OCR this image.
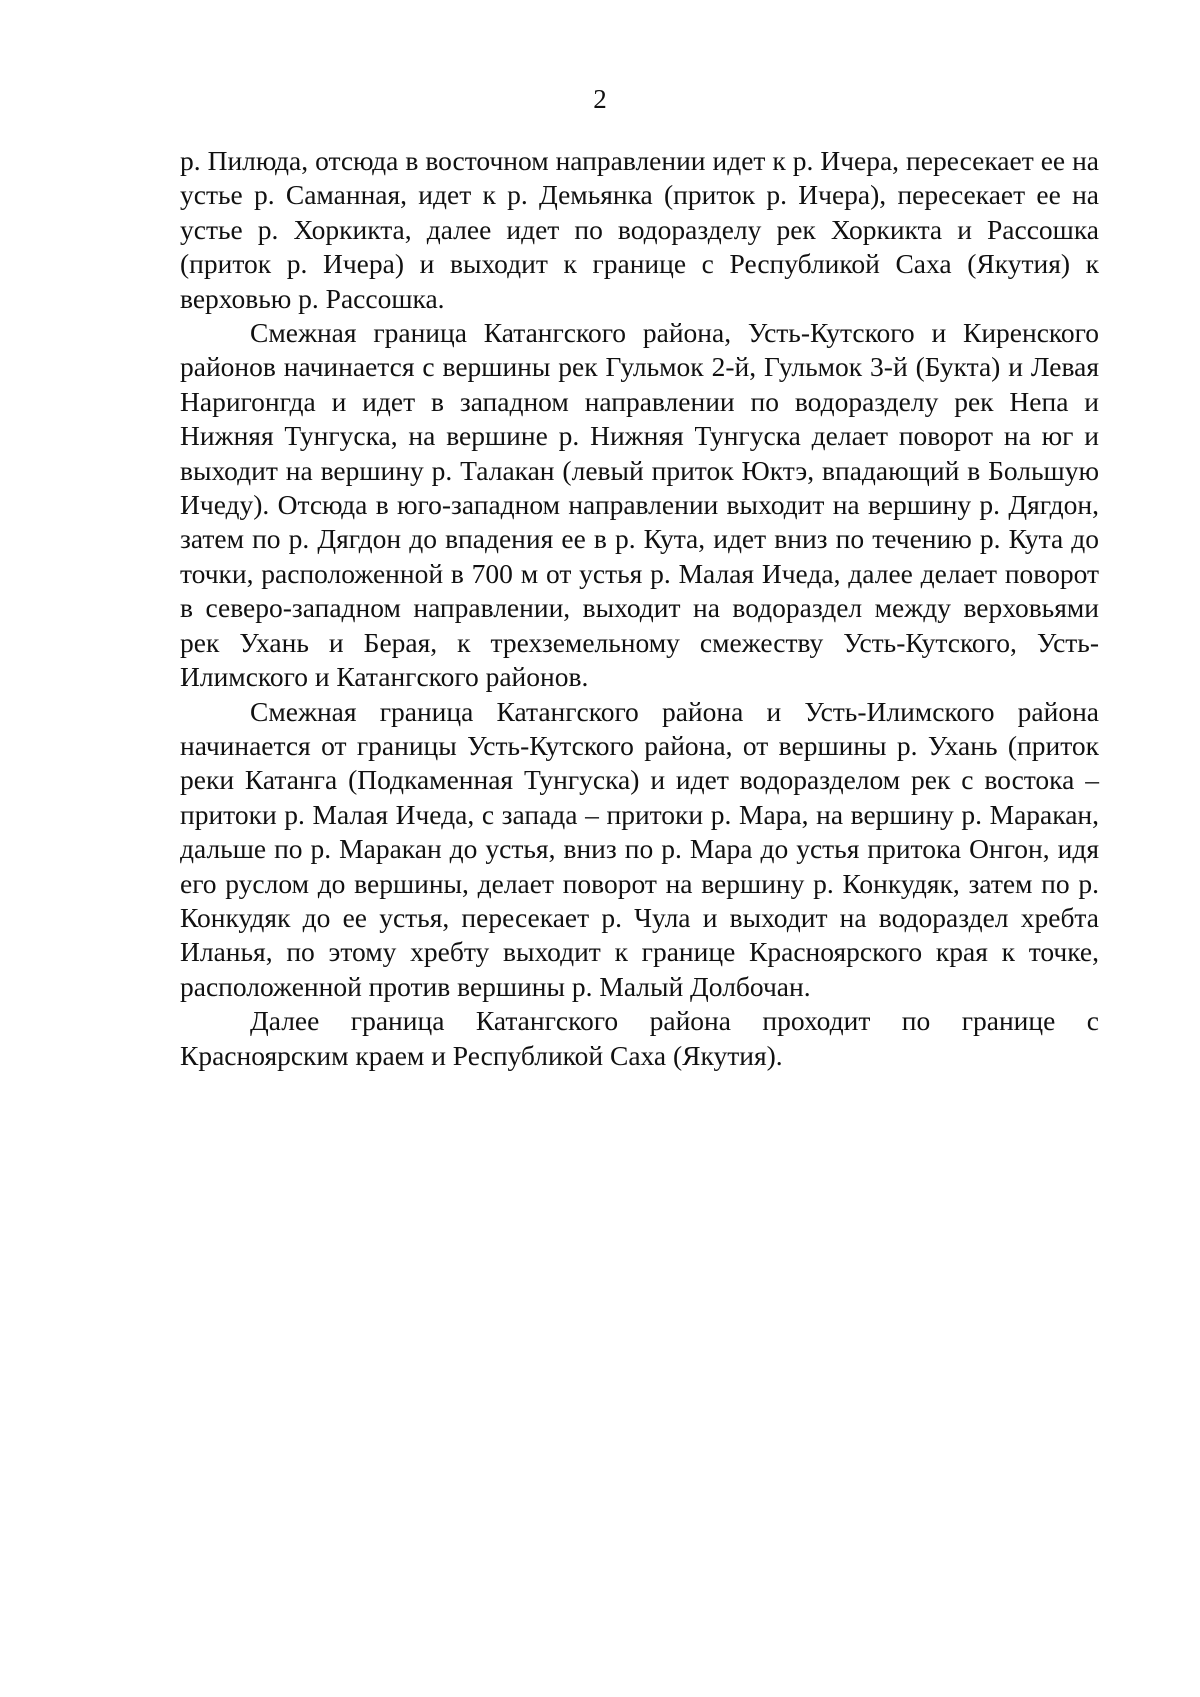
2

р. Пилюда, отсюда в восточном направлении идет к р. Ичера, пересекает ее на устье р. Саманная, идет к р. Демьянка (приток р. Ичера), пересекает ее на устье р. Хоркикта, далее идет по водоразделу рек Хоркикта и Рассошка (приток р. Ичера) и выходит к границе с Республикой Саха (Якутия) к верховью р. Рассошка.

Смежная граница Катангского района, Усть-Кутского и Киренского районов начинается с вершины рек Гульмок 2-й, Гульмок 3-й (Букта) и Левая Наригонгда и идет в западном направлении по водоразделу рек Непа и Нижняя Тунгуска, на вершине р. Нижняя Тунгуска делает поворот на юг и выходит на вершину р. Талакан (левый приток Юктэ, впадающий в Большую Ичеду). Отсюда в юго-западном направлении выходит на вершину р. Дягдон, затем по р. Дягдон до впадения ее в р. Кута, идет вниз по течению р. Кута до точки, расположенной в 700 м от устья р. Малая Ичеда, далее делает поворот в северо-западном направлении, выходит на водораздел между верховьями рек Ухань и Берая, к трехземельному смежеству Усть-Кутского, Усть-Илимского и Катангского районов.

Смежная граница Катангского района и Усть-Илимского района начинается от границы Усть-Кутского района, от вершины р. Ухань (приток реки Катанга (Подкаменная Тунгуска) и идет водоразделом рек с востока – притоки р. Малая Ичеда, с запада – притоки р. Мара, на вершину р. Маракан, дальше по р. Маракан до устья, вниз по р. Мара до устья притока Онгон, идя его руслом до вершины, делает поворот на вершину р. Конкудяк, затем по р. Конкудяк до ее устья, пересекает р. Чула и выходит на водораздел хребта Иланья, по этому хребту выходит к границе Красноярского края к точке, расположенной против вершины р. Малый Долбочан.

Далее граница Катангского района проходит по границе с Красноярским краем и Республикой Саха (Якутия).
